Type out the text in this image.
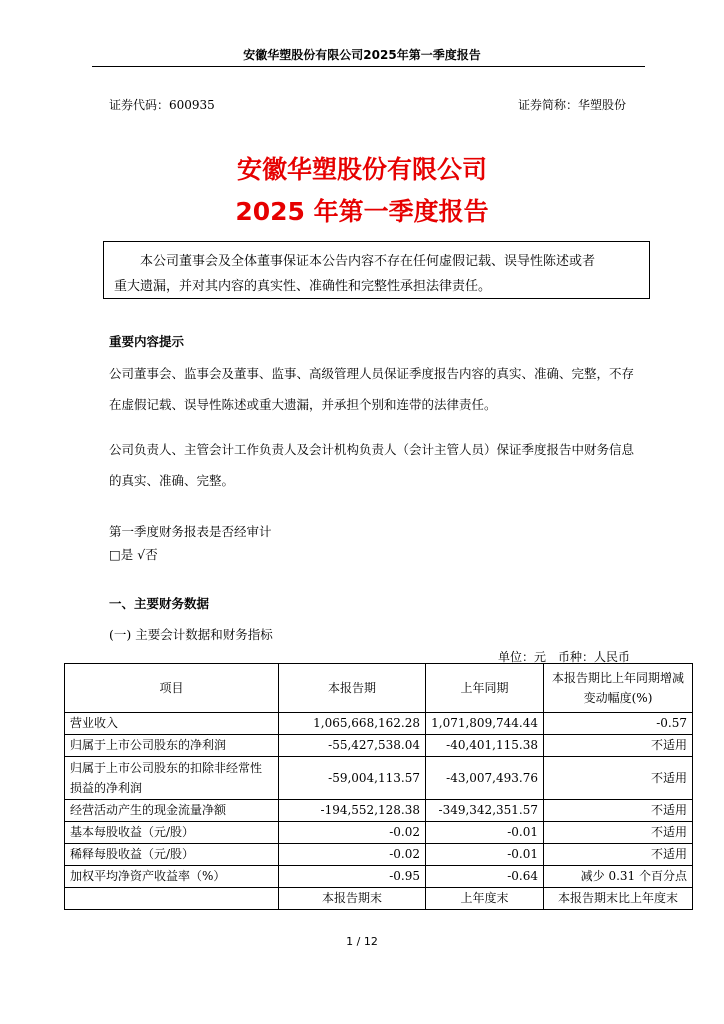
安徽华塑股份有限公司2025年第一季度报告
证券代码：600935	证券简称：华塑股份
安徽华塑股份有限公司
2025 年第一季度报告

本公司董事会及全体董事保证本公告内容不存在任何虚假记载、误导性陈述或者

重大遗漏，并对其内容的真实性、准确性和完整性承担法律责任。

重要内容提示
公司董事会、监事会及董事、监事、高级管理人员保证季度报告内容的真实、准确、完整，不存
在虚假记载、误导性陈述或重大遗漏，并承担个别和连带的法律责任。
公司负责人、主管会计工作负责人及会计机构负责人（会计主管人员）保证季度报告中财务信息
的真实、准确、完整。
第一季度财务报表是否经审计
□是 √否
一、主要财务数据
(一) 主要会计数据和财务指标
单位：元　币种：人民币
项目	本报告期	上年同期	本报告期比上年同期增减变动幅度(%)
营业收入	1,065,668,162.28	1,071,809,744.44	-0.57
归属于上市公司股东的净利润	-55,427,538.04	-40,401,115.38	不适用
归属于上市公司股东的扣除非经常性损益的净利润	-59,004,113.57	-43,007,493.76	不适用
经营活动产生的现金流量净额	-194,552,128.38	-349,342,351.57	不适用
基本每股收益（元/股）	-0.02	-0.01	不适用
稀释每股收益（元/股）	-0.02	-0.01	不适用
加权平均净资产收益率（%）	-0.95	-0.64	减少 0.31 个百分点
	本报告期末	上年度末	本报告期末比上年度末
1 / 12
